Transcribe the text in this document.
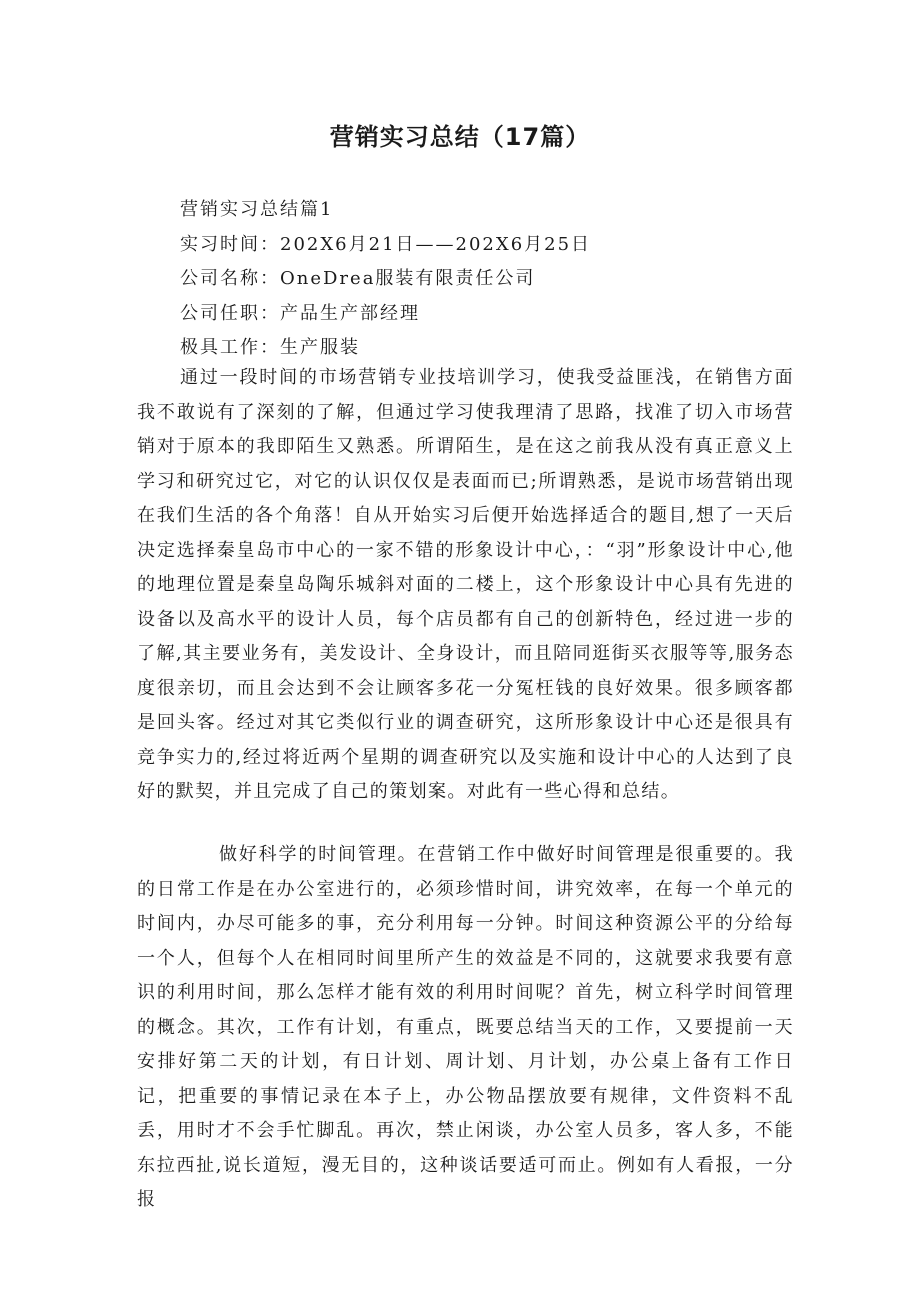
营销实习总结（17篇）
营销实习总结篇1
实习时间：202X6月21日——202X6月25日
公司名称：OneDrea服装有限责任公司
公司任职：产品生产部经理
极具工作：生产服装

通过一段时间的市场营销专业技培训学习，使我受益匪浅，在销售方面我不敢说有了深刻的了解，但通过学习使我理清了思路，找准了切入市场营销对于原本的我即陌生又熟悉。所谓陌生，是在这之前我从没有真正意义上学习和研究过它，对它的认识仅仅是表面而已;所谓熟悉，是说市场营销出现在我们生活的各个角落！自从开始实习后便开始选择适合的题目,想了一天后决定选择秦皇岛市中心的一家不错的形象设计中心，：“羽”形象设计中心,他的地理位置是秦皇岛陶乐城斜对面的二楼上，这个形象设计中心具有先进的设备以及高水平的设计人员，每个店员都有自己的创新特色，经过进一步的了解,其主要业务有，美发设计、全身设计，而且陪同逛街买衣服等等,服务态度很亲切，而且会达到不会让顾客多花一分冤枉钱的良好效果。很多顾客都是回头客。经过对其它类似行业的调查研究，这所形象设计中心还是很具有竞争实力的,经过将近两个星期的调查研究以及实施和设计中心的人达到了良好的默契，并且完成了自己的策划案。对此有一些心得和总结。

做好科学的时间管理。在营销工作中做好时间管理是很重要的。我的日常工作是在办公室进行的，必须珍惜时间，讲究效率，在每一个单元的时间内，办尽可能多的事，充分利用每一分钟。时间这种资源公平的分给每一个人，但每个人在相同时间里所产生的效益是不同的，这就要求我要有意识的利用时间，那么怎样才能有效的利用时间呢？首先，树立科学时间管理的概念。其次，工作有计划，有重点，既要总结当天的工作，又要提前一天安排好第二天的计划，有日计划、周计划、月计划，办公桌上备有工作日记，把重要的事情记录在本子上，办公物品摆放要有规律，文件资料不乱丢，用时才不会手忙脚乱。再次，禁止闲谈，办公室人员多，客人多，不能东拉西扯,说长道短，漫无目的，这种谈话要适可而止。例如有人看报，一分报
